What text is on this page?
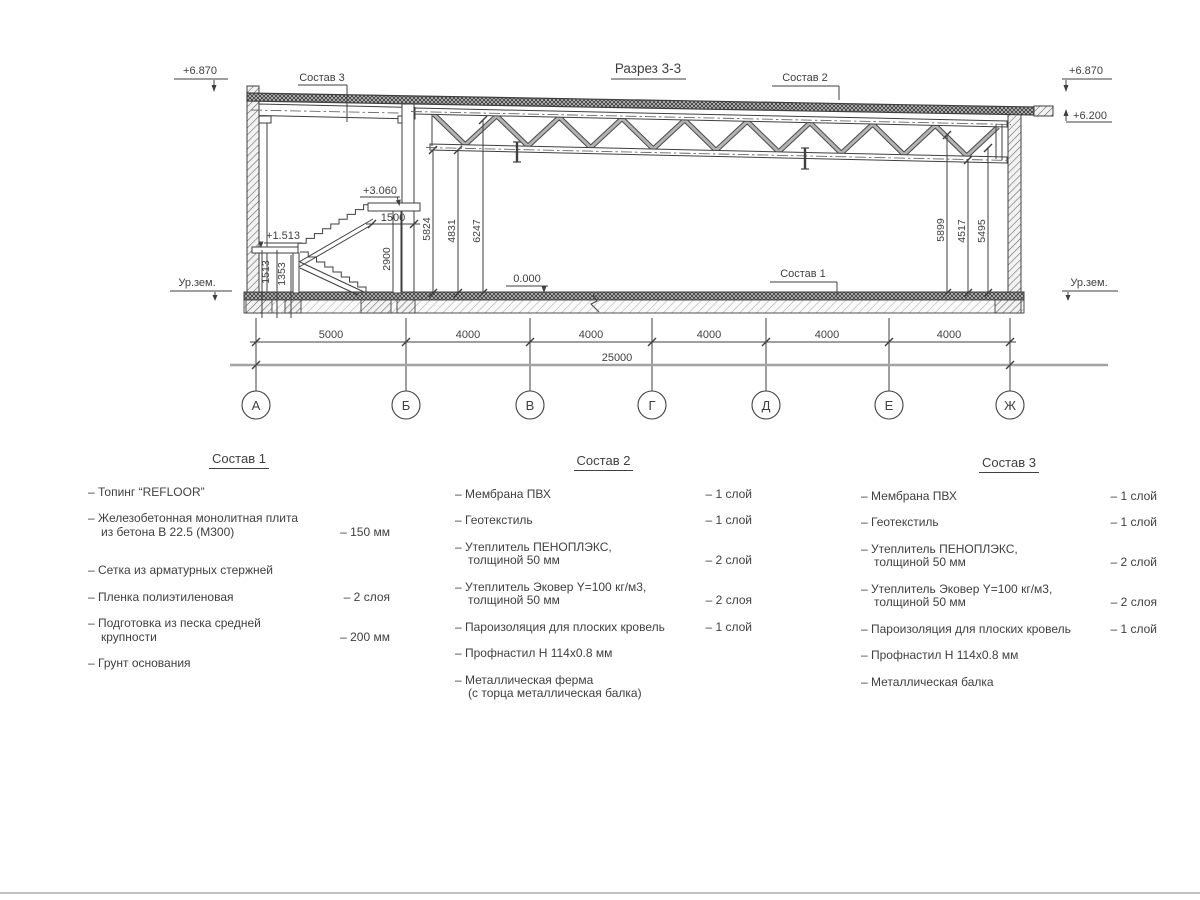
+6.870	+6.870
+6.200
+3.060
+1.513
0.000
Ур.зем.	Ур.зем.
Состав 3	Состав 2
Состав 1
Разрез 3-3
1513 1353
1500
2900
5824 4831 6247	5899 4517 5495
5000	4000	4000	4000	4000	4000
25000
А	Б	В	Г	Д	Е	Ж
Состав 1
– Топинг “REFLOOR”
– Железобетонная монолитная плита
из бетона В 22.5 (М300)	– 150 мм
– Сетка из арматурных стержней
– Пленка полиэтиленовая	– 2 слоя
– Подготовка из песка средней
крупности	– 200 мм
– Грунт основания
Состав 2
– Мембрана ПВХ	– 1 слой
– Геотекстиль	– 1 слой
– Утеплитель ПЕНОПЛЭКС,
толщиной 50 мм	– 2 слой
– Утеплитель Эковер Y=100 кг/м3,
толщиной 50 мм	– 2 слоя
– Пароизоляция для плоских кровель	– 1 слой
– Профнастил Н 114х0.8 мм
– Металлическая ферма
(с торца металлическая балка)
Состав 3
– Мембрана ПВХ	– 1 слой
– Геотекстиль	– 1 слой
– Утеплитель ПЕНОПЛЭКС,
толщиной 50 мм	– 2 слой
– Утеплитель Эковер Y=100 кг/м3,
толщиной 50 мм	– 2 слоя
– Пароизоляция для плоских кровель	– 1 слой
– Профнастил Н 114х0.8 мм
– Металлическая балка
